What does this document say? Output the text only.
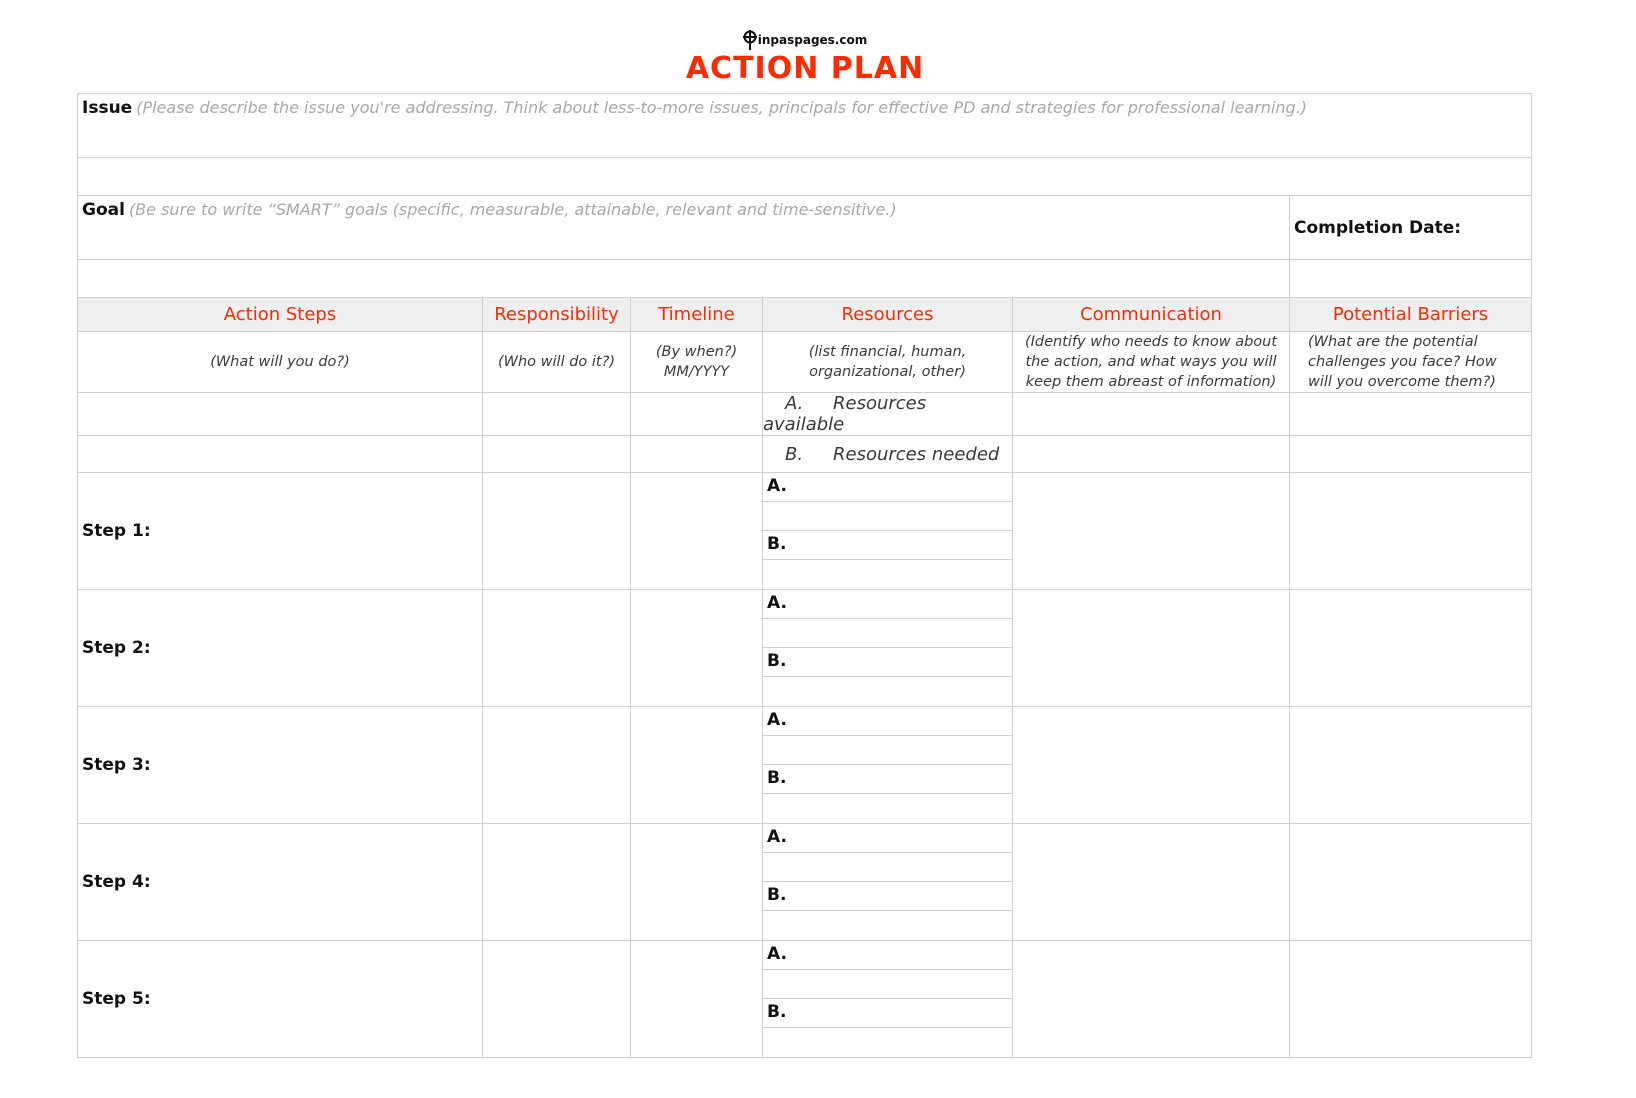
inpaspages.com
ACTION PLAN
Issue (Please describe the issue you're addressing. Think about less-to-more issues, principals for effective PD and strategies for professional learning.)					

Goal (Be sure to write “SMART” goals (specific, measurable, attainable, relevant and time-sensitive.)					Completion Date:

Action Steps	Responsibility	Timeline	Resources	Communication	Potential Barriers
(What will you do?)	(Who will do it?)	(By when?) MM/YYYY	(list financial, human, organizational, other)	(Identify who needs to know about the action, and what ways you will keep them abreast of information)	(What are the potential challenges you face? How will you overcome them?)
			A. Resources available		
			B. Resources needed		
Step 1:			A.
B.		

Step 2:			A.
B.		

Step 3:			A.
B.		

Step 4:			A.
B.		

Step 5:			A.
B.		
